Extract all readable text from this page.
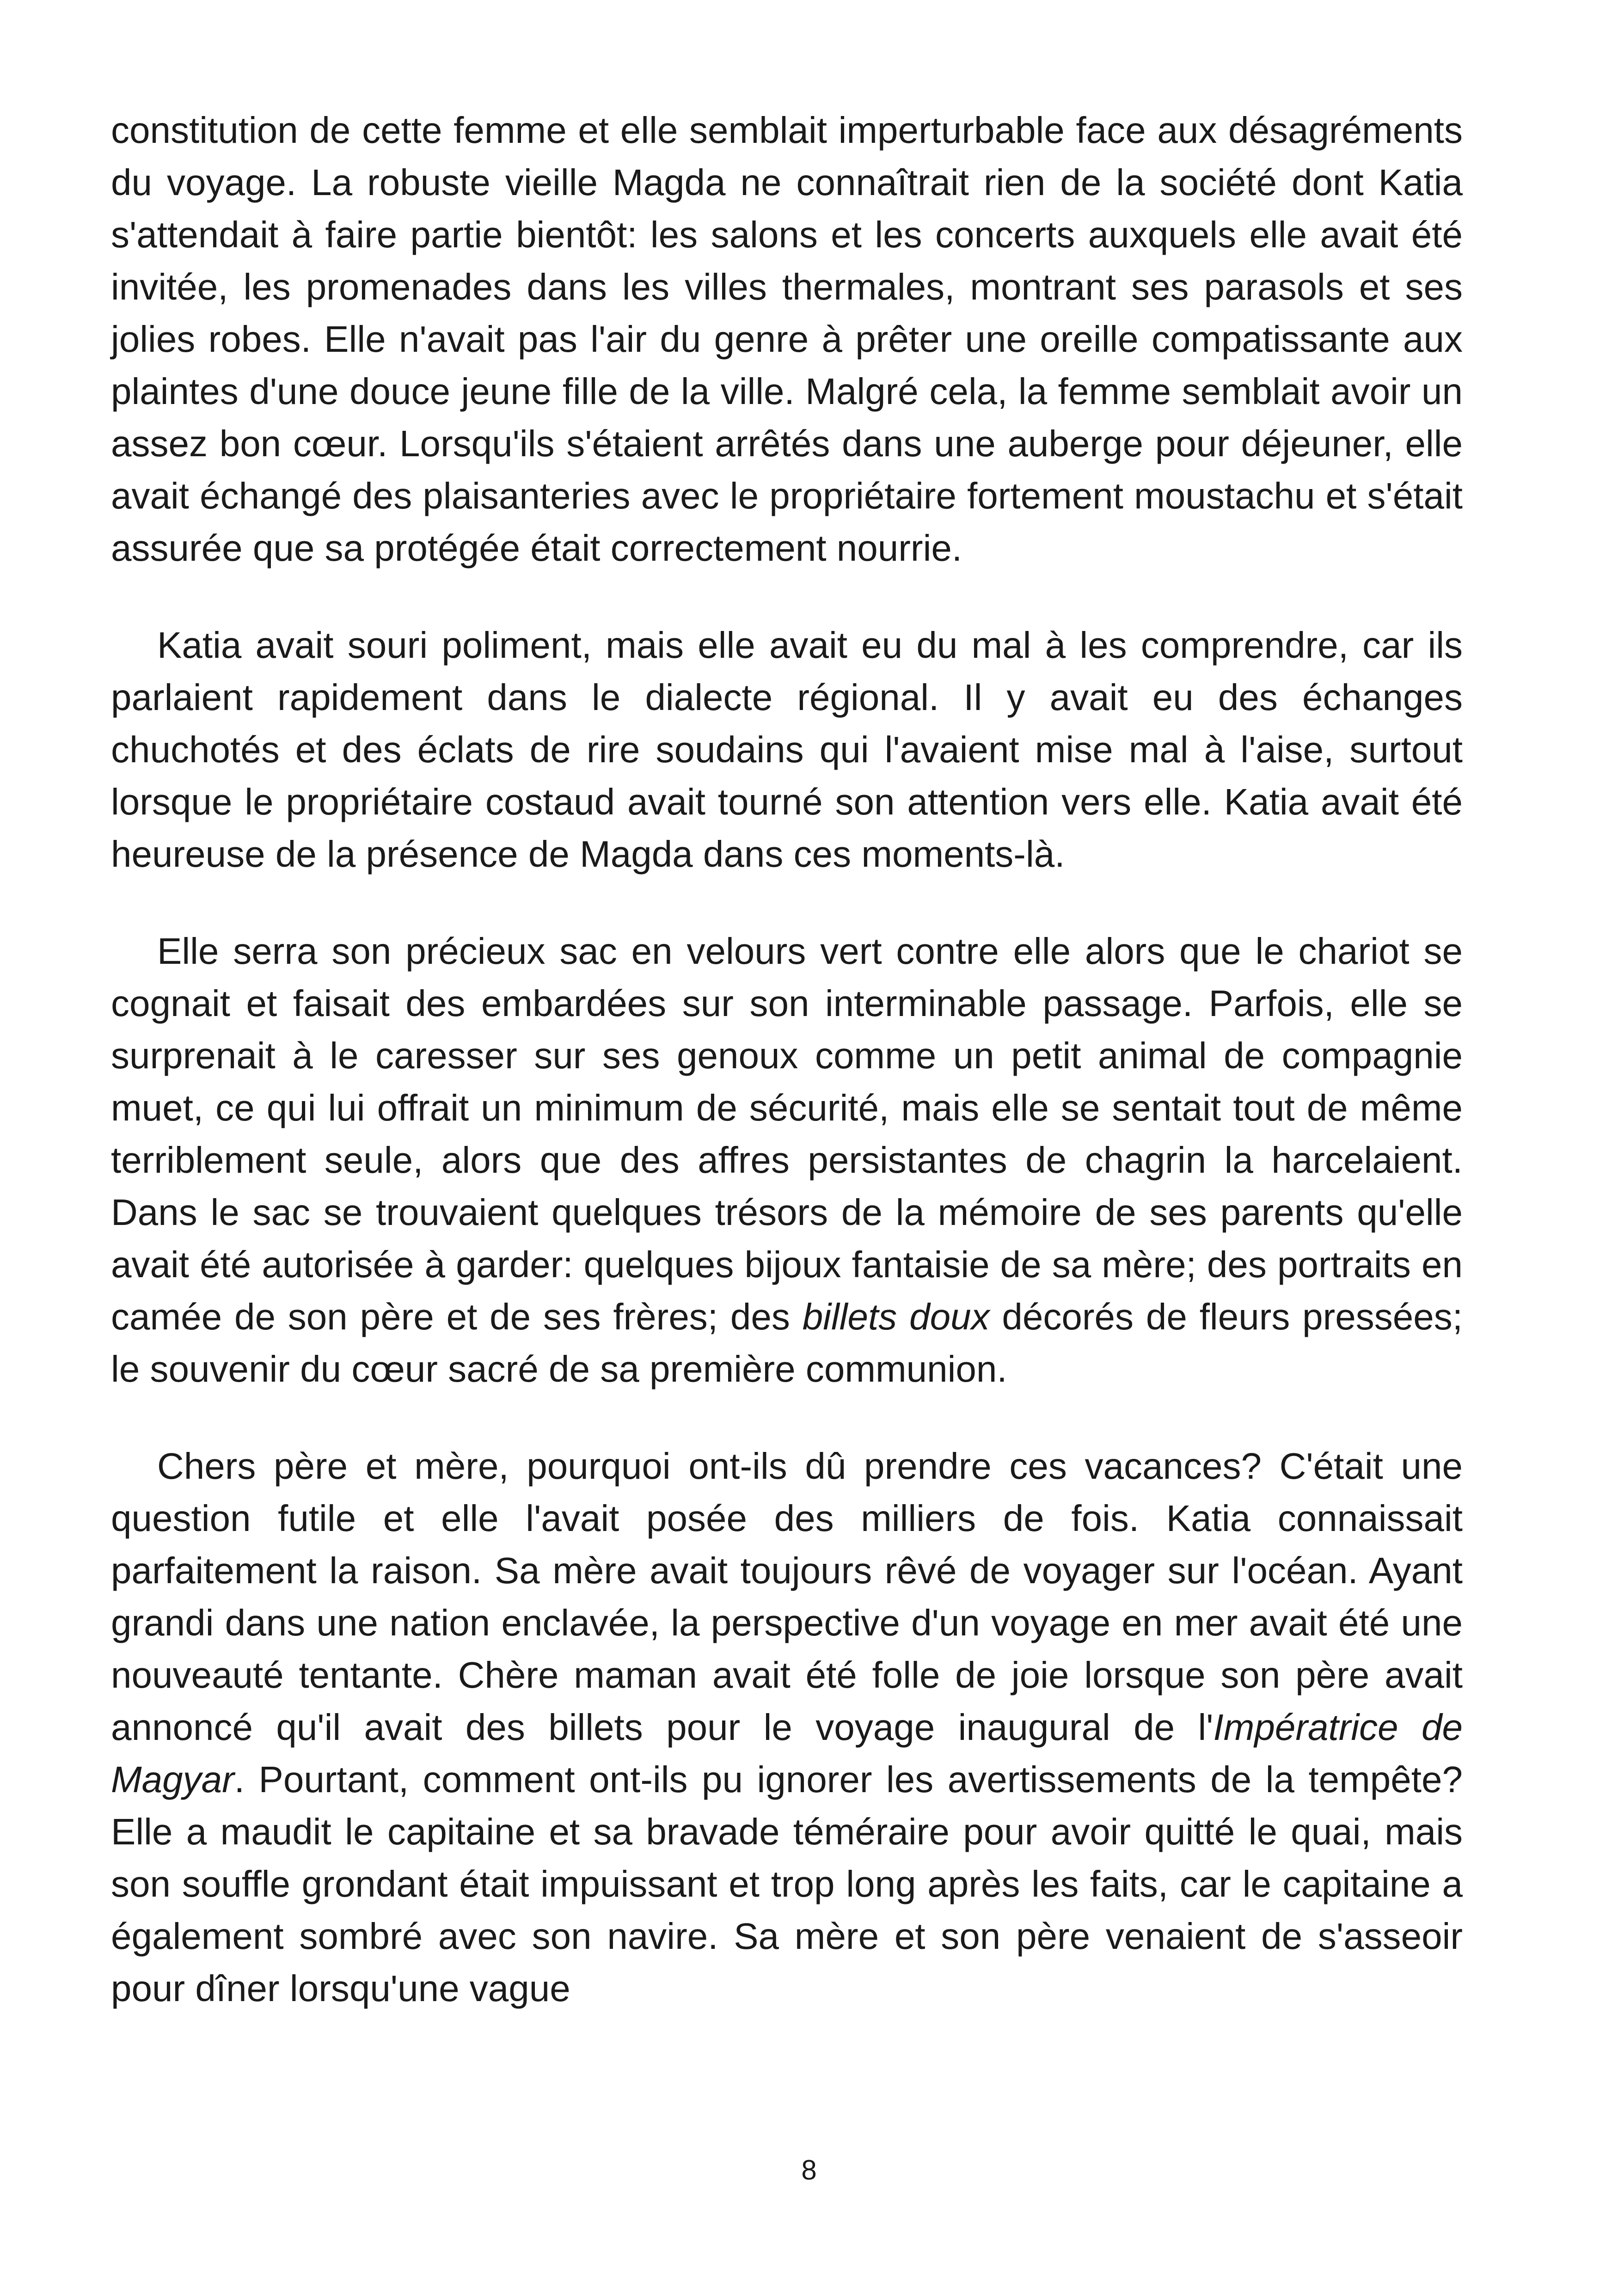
constitution de cette femme et elle semblait imperturbable face aux désagréments du voyage. La robuste vieille Magda ne connaîtrait rien de la société dont Katia s'attendait à faire partie bientôt: les salons et les concerts auxquels elle avait été invitée, les promenades dans les villes thermales, montrant ses parasols et ses jolies robes. Elle n'avait pas l'air du genre à prêter une oreille compatissante aux plaintes d'une douce jeune fille de la ville. Malgré cela, la femme semblait avoir un assez bon cœur. Lorsqu'ils s'étaient arrêtés dans une auberge pour déjeuner, elle avait échangé des plaisanteries avec le propriétaire fortement moustachu et s'était assurée que sa protégée était correctement nourrie.

Katia avait souri poliment, mais elle avait eu du mal à les comprendre, car ils parlaient rapidement dans le dialecte régional. Il y avait eu des échanges chuchotés et des éclats de rire soudains qui l'avaient mise mal à l'aise, surtout lorsque le propriétaire costaud avait tourné son attention vers elle. Katia avait été heureuse de la présence de Magda dans ces moments-là.

Elle serra son précieux sac en velours vert contre elle alors que le chariot se cognait et faisait des embardées sur son interminable passage. Parfois, elle se surprenait à le caresser sur ses genoux comme un petit animal de compagnie muet, ce qui lui offrait un minimum de sécurité, mais elle se sentait tout de même terriblement seule, alors que des affres persistantes de chagrin la harcelaient. Dans le sac se trouvaient quelques trésors de la mémoire de ses parents qu'elle avait été autorisée à garder: quelques bijoux fantaisie de sa mère; des portraits en camée de son père et de ses frères; des billets doux décorés de fleurs pressées; le souvenir du cœur sacré de sa première communion.

Chers père et mère, pourquoi ont-ils dû prendre ces vacances? C'était une question futile et elle l'avait posée des milliers de fois. Katia connaissait parfaitement la raison. Sa mère avait toujours rêvé de voyager sur l'océan. Ayant grandi dans une nation enclavée, la perspective d'un voyage en mer avait été une nouveauté tentante. Chère maman avait été folle de joie lorsque son père avait annoncé qu'il avait des billets pour le voyage inaugural de l'Impératrice de Magyar. Pourtant, comment ont-ils pu ignorer les avertissements de la tempête? Elle a maudit le capitaine et sa bravade téméraire pour avoir quitté le quai, mais son souffle grondant était impuissant et trop long après les faits, car le capitaine a également sombré avec son navire. Sa mère et son père venaient de s'asseoir pour dîner lorsqu'une vague

8
